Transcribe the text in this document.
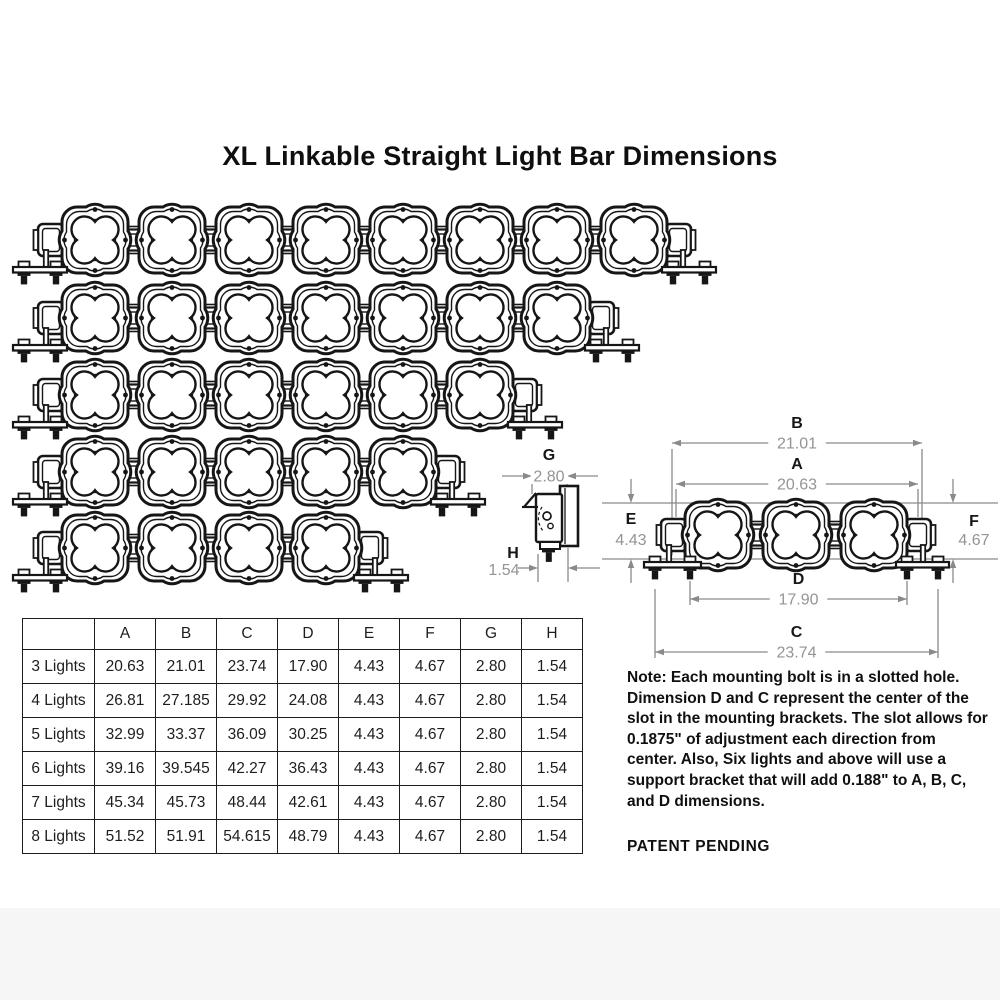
XL Linkable Straight Light Bar Dimensions
G
2.80
H
1.54
B
21.01
A
20.63
D
17.90
C
23.74
E
4.43
F
4.67
	A	B	C	D	E	F	G	H
3 Lights	20.63	21.01	23.74	17.90	4.43	4.67	2.80	1.54
4 Lights	26.81	27.185	29.92	24.08	4.43	4.67	2.80	1.54
5 Lights	32.99	33.37	36.09	30.25	4.43	4.67	2.80	1.54
6 Lights	39.16	39.545	42.27	36.43	4.43	4.67	2.80	1.54
7 Lights	45.34	45.73	48.44	42.61	4.43	4.67	2.80	1.54
8 Lights	51.52	51.91	54.615	48.79	4.43	4.67	2.80	1.54
Note: Each mounting bolt is in a slotted hole. Dimension D and C represent the center of the slot in the mounting brackets. The slot allows for 0.1875" of adjustment each direction from center. Also, Six lights and above will use a support bracket that will add 0.188" to A, B, C, and D dimensions.
PATENT PENDING
